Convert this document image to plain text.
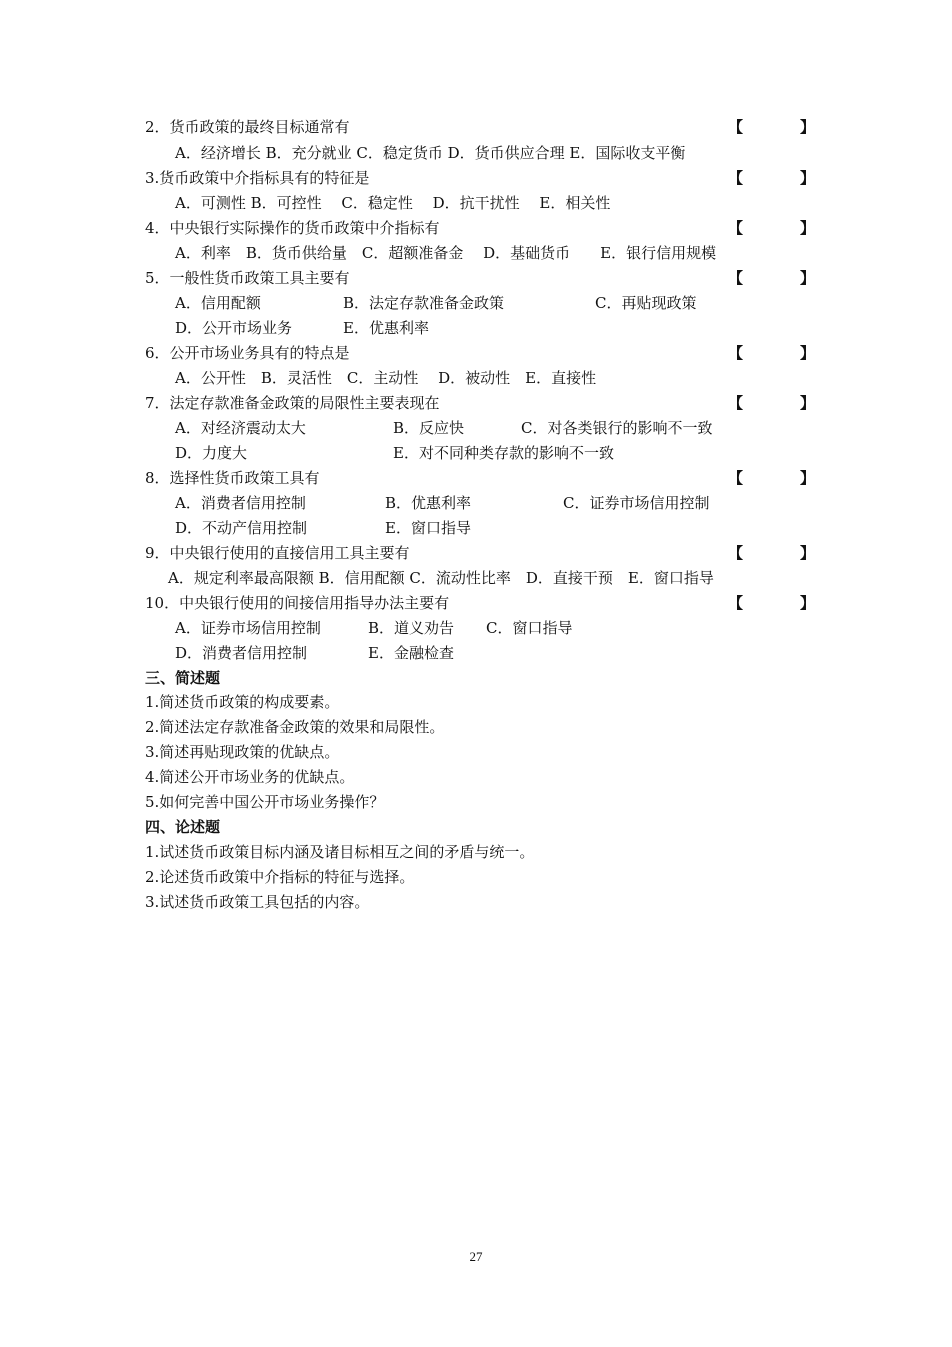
2．货币政策的最终目标通常有	【	】
A．经济增长 B．充分就业 C．稳定货币 D．货币供应合理 E．国际收支平衡
3.货币政策中介指标具有的特征是	【	】
A．可测性 B．可控性　 C．稳定性　 D．抗干扰性　 E．相关性
4．中央银行实际操作的货币政策中介指标有	【	】
A．利率　B．货币供给量　C．超额准备金　 D．基础货币　　E．银行信用规模
5．一般性货币政策工具主要有	【	】
A．信用配额	B．法定存款准备金政策	C．再贴现政策
D．公开市场业务	E．优惠利率
6．公开市场业务具有的特点是	【	】
A．公开性　B．灵活性　C．主动性　 D．被动性　E．直接性
7．法定存款准备金政策的局限性主要表现在	【	】
A．对经济震动太大	B．反应快	C．对各类银行的影响不一致
D．力度大	E．对不同种类存款的影响不一致
8．选择性货币政策工具有	【	】
A．消费者信用控制	B．优惠利率	C．证券市场信用控制
D．不动产信用控制	E．窗口指导
9．中央银行使用的直接信用工具主要有	【	】
A．规定利率最高限额 B．信用配额 C．流动性比率　D．直接干预　E．窗口指导
10．中央银行使用的间接信用指导办法主要有	【	】
A．证券市场信用控制	B．道义劝告 C．窗口指导
D．消费者信用控制	E．金融检查
三、简述题
1.简述货币政策的构成要素。
2.简述法定存款准备金政策的效果和局限性。
3.简述再贴现政策的优缺点。
4.简述公开市场业务的优缺点。
5.如何完善中国公开市场业务操作？
四、论述题
1.试述货币政策目标内涵及诸目标相互之间的矛盾与统一。
2.论述货币政策中介指标的特征与选择。
3.试述货币政策工具包括的内容。
27
